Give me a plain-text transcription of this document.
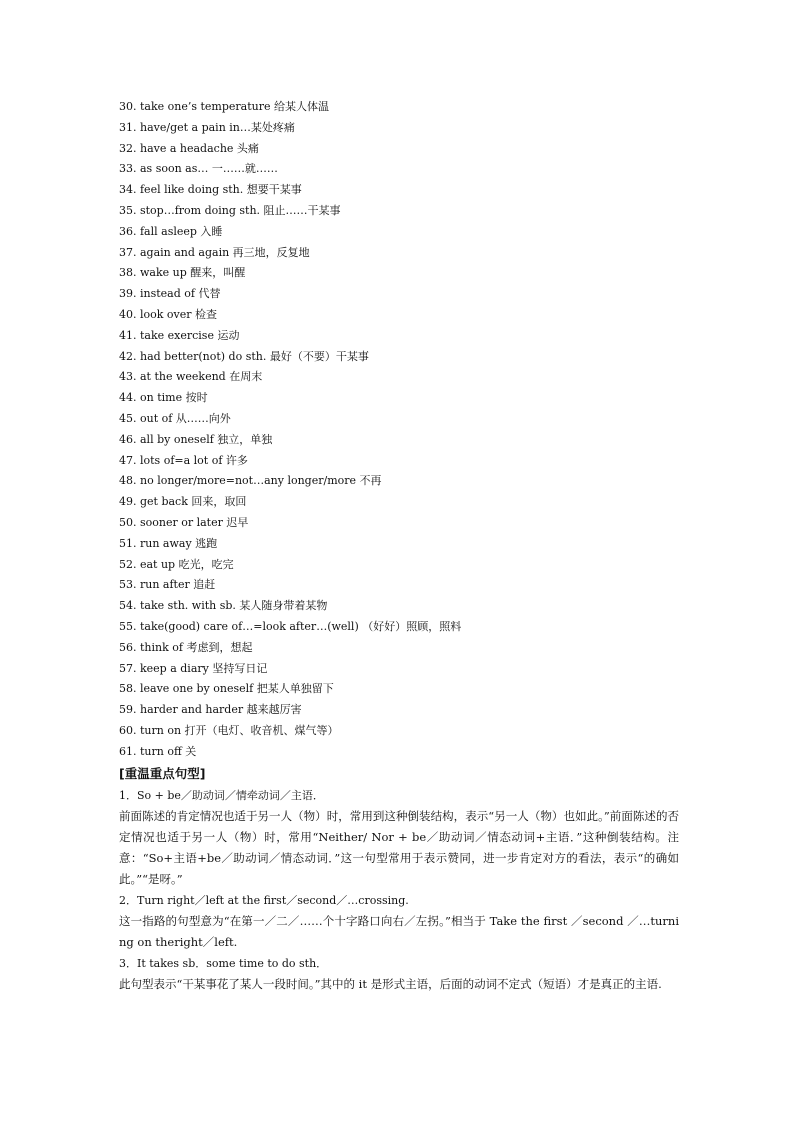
30. take one’s temperature 给某人体温
31. have/get a pain in…某处疼痛
32. have a headache 头痛
33. as soon as… 一……就……
34. feel like doing sth. 想要干某事
35. stop…from doing sth. 阻止……干某事
36. fall asleep 入睡
37. again and again 再三地，反复地
38. wake up 醒来，叫醒
39. instead of 代替
40. look over 检查
41. take exercise 运动
42. had better(not) do sth. 最好（不要）干某事
43. at the weekend 在周末
44. on time 按时
45. out of 从……向外
46. all by oneself 独立，单独
47. lots of=a lot of 许多
48. no longer/more=not…any longer/more 不再
49. get back 回来，取回
50. sooner or later 迟早
51. run away 逃跑
52. eat up 吃光，吃完
53. run after 追赶
54. take sth. with sb. 某人随身带着某物
55. take(good) care of…=look after…(well) （好好）照顾，照料
56. think of 考虑到，想起
57. keep a diary 坚持写日记
58. leave one by oneself 把某人单独留下
59. harder and harder 越来越厉害
60. turn on 打开（电灯、收音机、煤气等）
61. turn off 关
[重温重点句型]
1．So + be／助动词／情牵动词／主语．
前面陈述的肯定情况也适于另一人（物）时，常用到这种倒装结构，表示“另一人（物）也如此。”前面陈述的否定情况也适于另一人（物）时，常用“Neither/ Nor + be／助动词／情态动词+主语．”这种倒装结构。注意：“So+主语+be／助动词／情态动词．”这一句型常用于表示赞同，进一步肯定对方的看法，表示“的确如此。”“是呀。”
2．Turn right／left at the first／second／…crossing.
这一指路的句型意为“在第一／二／……个十字路口向右／左拐。”相当于 Take the first ／second ／…turning on theright／left.
3．It takes sb．some time to do sth．
此句型表示“干某事花了某人一段时间。”其中的 it 是形式主语，后面的动词不定式（短语）才是真正的主语.
